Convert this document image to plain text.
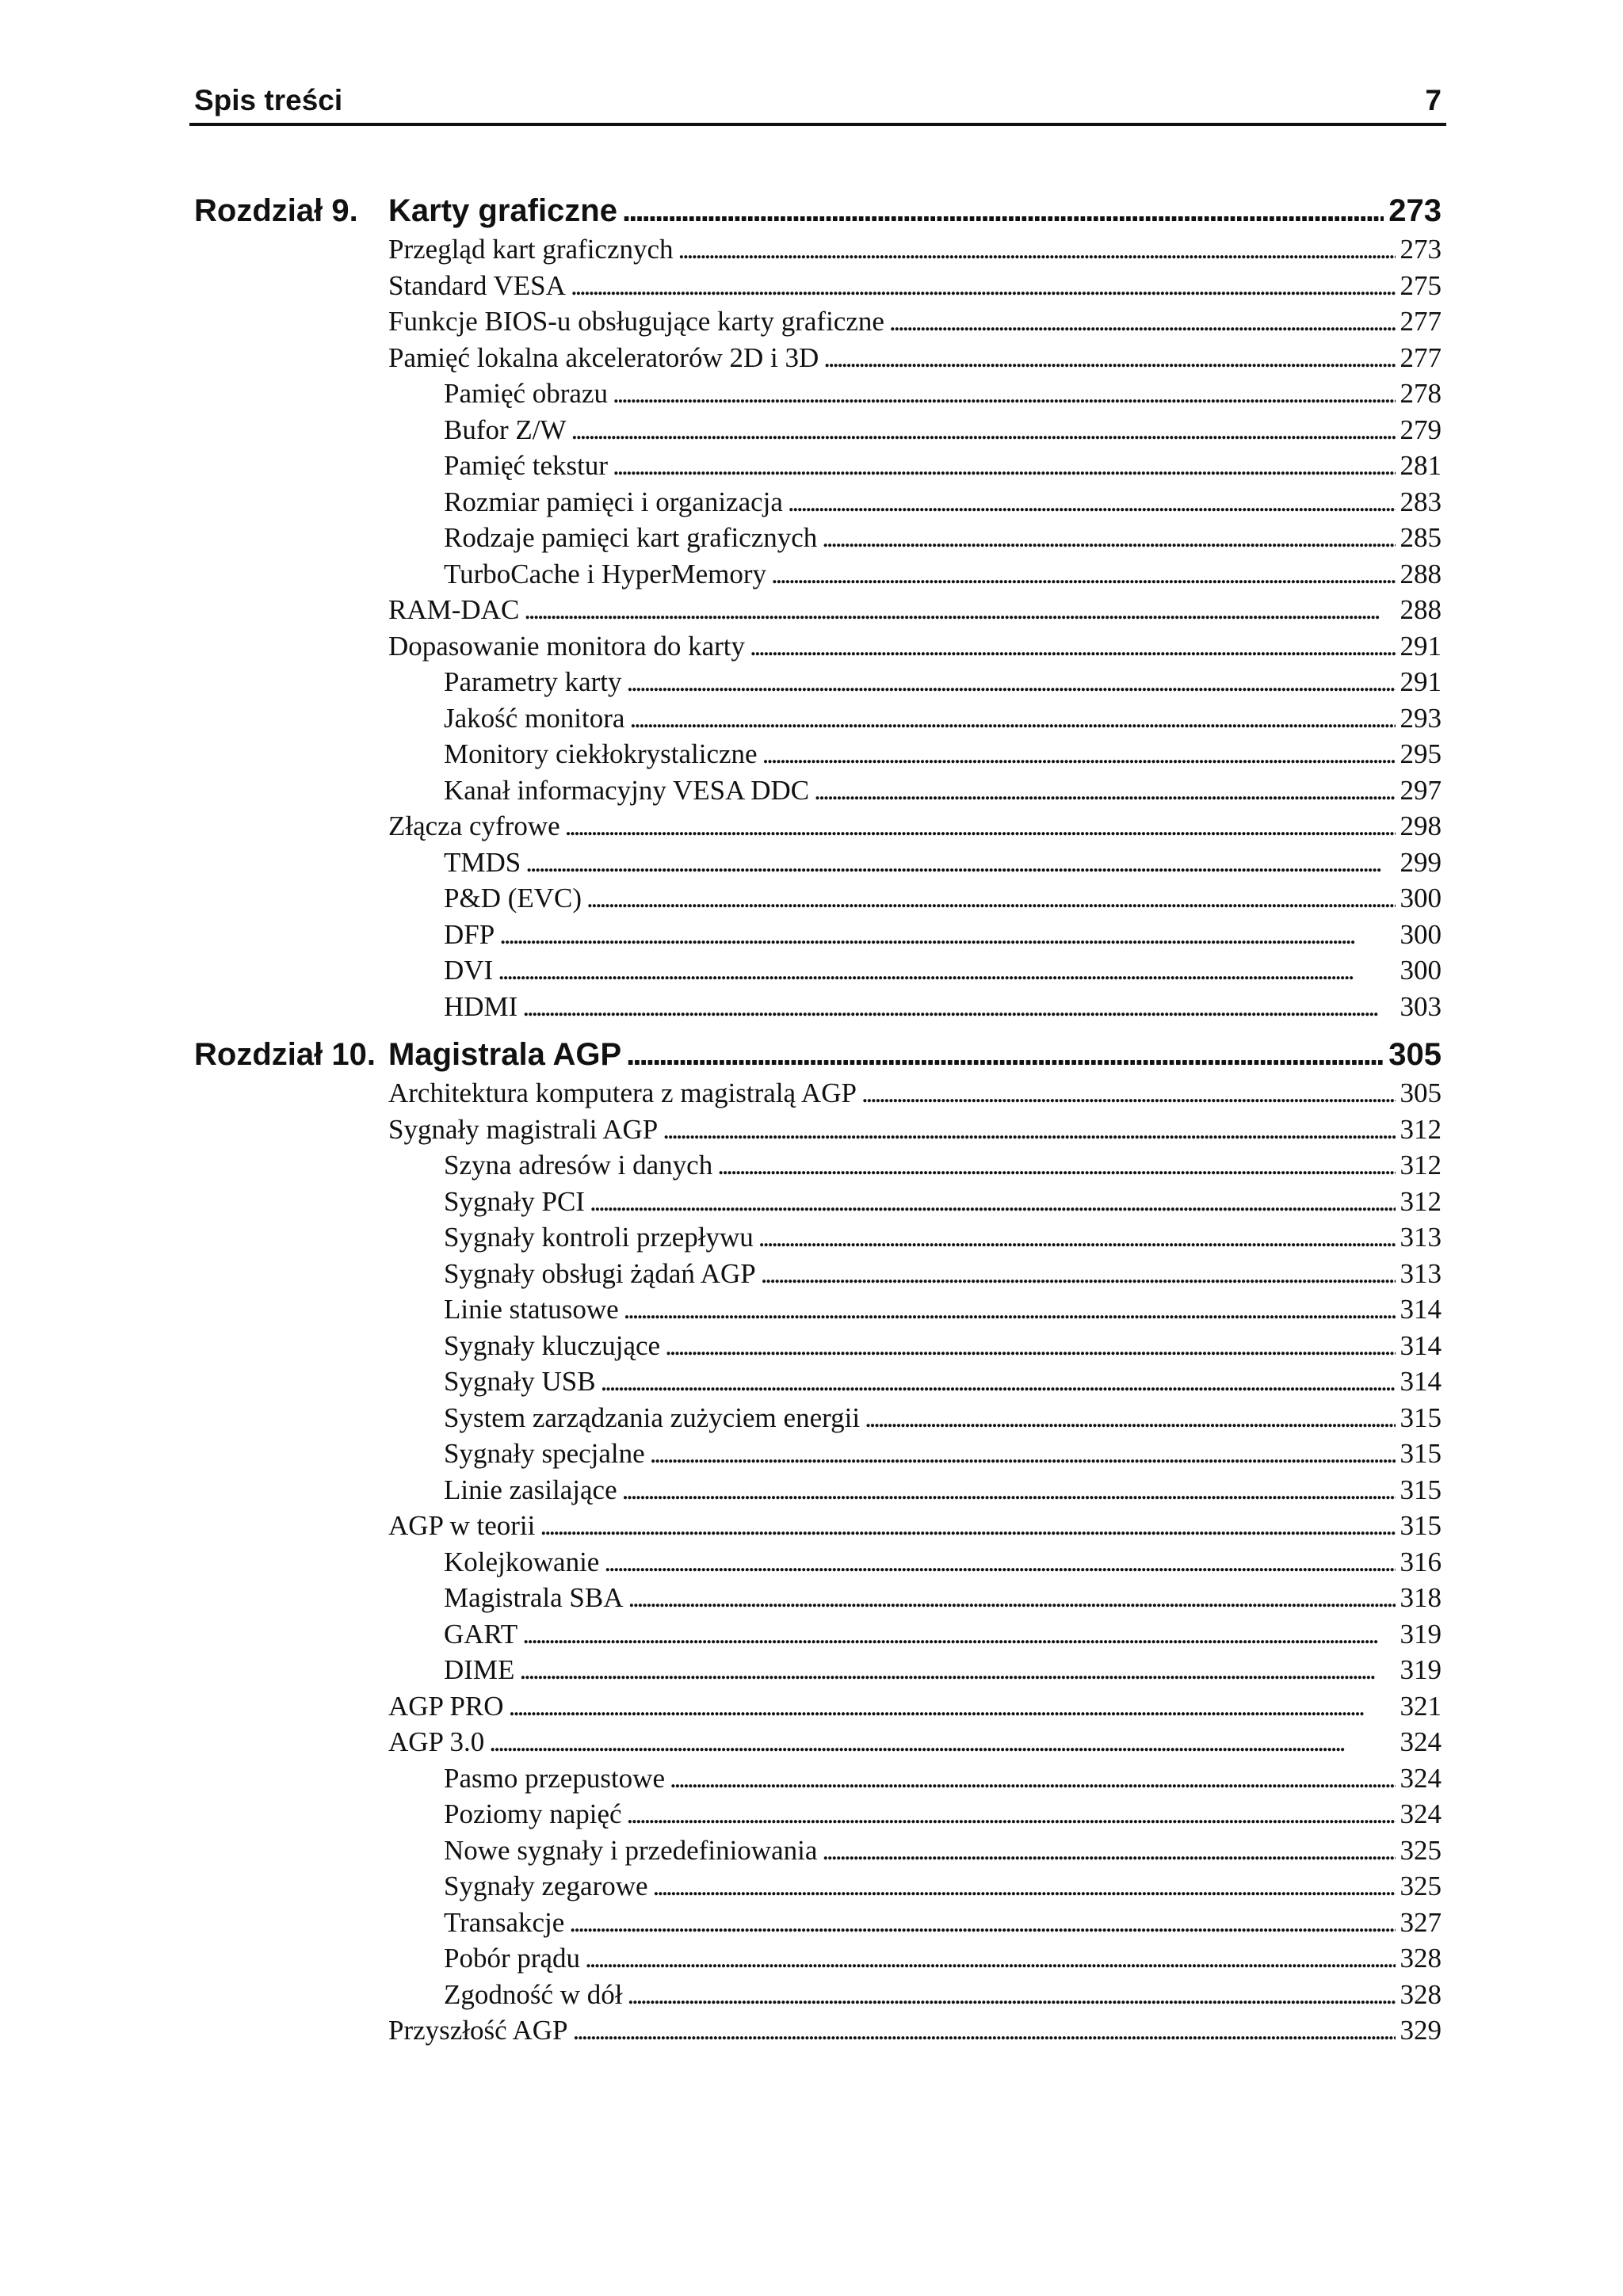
Spis treści	7
Rozdział 9. Karty graficzne . . .	273
Przegląd kart graficznych . . .	273
Standard VESA . . .	275
Funkcje BIOS-u obsługujące karty graficzne . . .	277
Pamięć lokalna akceleratorów 2D i 3D . . .	277
Pamięć obrazu . . .	278
Bufor Z/W . . .	279
Pamięć tekstur . . .	281
Rozmiar pamięci i organizacja . . .	283
Rodzaje pamięci kart graficznych . . .	285
TurboCache i HyperMemory . . .	288
RAM-DAC . . .	288
Dopasowanie monitora do karty . . .	291
Parametry karty . . .	291
Jakość monitora . . .	293
Monitory ciekłokrystaliczne . . .	295
Kanał informacyjny VESA DDC . . .	297
Złącza cyfrowe . . .	298
TMDS . . .	299
P&D (EVC) . . .	300
DFP . . .	300
DVI . . .	300
HDMI . . .	303
Rozdział 10. Magistrala AGP . . .	305
Architektura komputera z magistralą AGP . . .	305
Sygnały magistrali AGP . . .	312
Szyna adresów i danych . . .	312
Sygnały PCI . . .	312
Sygnały kontroli przepływu . . .	313
Sygnały obsługi żądań AGP . . .	313
Linie statusowe . . .	314
Sygnały kluczujące . . .	314
Sygnały USB . . .	314
System zarządzania zużyciem energii . . .	315
Sygnały specjalne . . .	315
Linie zasilające . . .	315
AGP w teorii . . .	315
Kolejkowanie . . .	316
Magistrala SBA . . .	318
GART . . .	319
DIME . . .	319
AGP PRO . . .	321
AGP 3.0 . . .	324
Pasmo przepustowe . . .	324
Poziomy napięć . . .	324
Nowe sygnały i przedefiniowania . . .	325
Sygnały zegarowe . . .	325
Transakcje . . .	327
Pobór prądu . . .	328
Zgodność w dół . . .	328
Przyszłość AGP . . .	329
